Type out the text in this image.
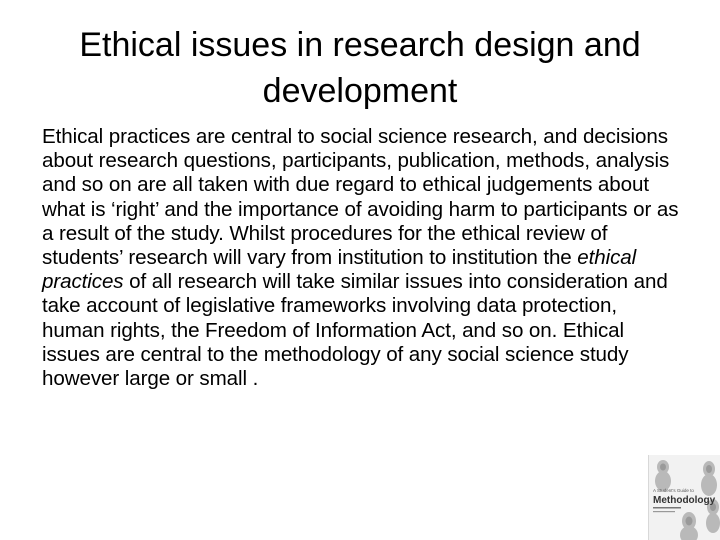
Ethical issues in research design and development

Ethical practices are central to social science research, and decisions about research questions, participants, publication, methods, analysis and so on are all taken with due regard to ethical judgements about what is ‘right’ and the importance of avoiding harm to participants or as a result of the study. Whilst procedures for the ethical review of students’ research will vary from institution to institution the ethical practices of all research will take similar issues into consideration and take account of legislative frameworks involving data protection, human rights, the Freedom of Information Act, and so on. Ethical issues are central to the methodology of any social science study however large or small .

A Student's Guide to
Methodology
